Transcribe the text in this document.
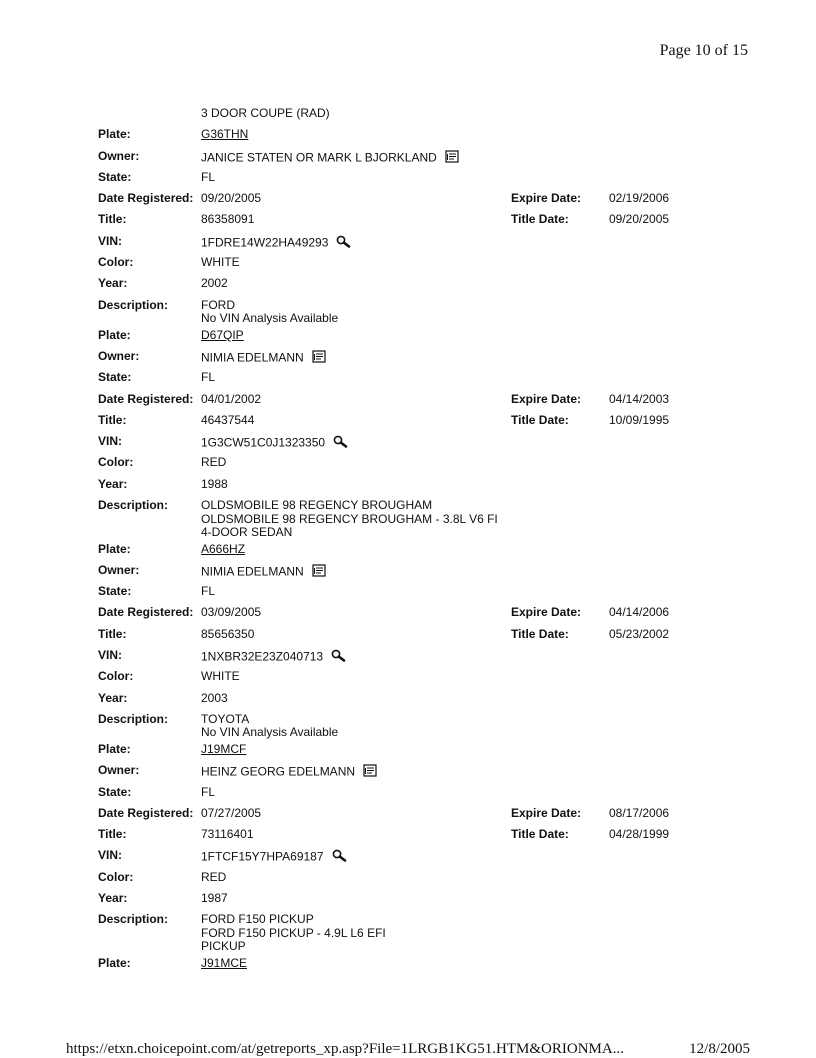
Page 10 of 15
3 DOOR COUPE (RAD)
Plate:	G36THN
Owner:	JANICE STATEN OR MARK L BJORKLAND
State:	FL
Date Registered: 09/20/2005	Expire Date:	02/19/2006
Title:	86358091	Title Date:	09/20/2005
VIN:	1FDRE14W22HA49293
Color:	WHITE
Year:	2002
Description:	FORD
No VIN Analysis Available
Plate:	D67QIP
Owner:	NIMIA EDELMANN
State:	FL
Date Registered: 04/01/2002	Expire Date:	04/14/2003
Title:	46437544	Title Date:	10/09/1995
VIN:	1G3CW51C0J1323350
Color:	RED
Year:	1988
Description:	OLDSMOBILE 98 REGENCY BROUGHAM
OLDSMOBILE 98 REGENCY BROUGHAM - 3.8L V6 FI
4-DOOR SEDAN
Plate:	A666HZ
Owner:	NIMIA EDELMANN
State:	FL
Date Registered: 03/09/2005	Expire Date:	04/14/2006
Title:	85656350	Title Date:	05/23/2002
VIN:	1NXBR32E23Z040713
Color:	WHITE
Year:	2003
Description:	TOYOTA
No VIN Analysis Available
Plate:	J19MCF
Owner:	HEINZ GEORG EDELMANN
State:	FL
Date Registered: 07/27/2005	Expire Date:	08/17/2006
Title:	73116401	Title Date:	04/28/1999
VIN:	1FTCF15Y7HPA69187
Color:	RED
Year:	1987
Description:	FORD F150 PICKUP
FORD F150 PICKUP - 4.9L L6 EFI
PICKUP
Plate:	J91MCE
https://etxn.choicepoint.com/at/getreports_xp.asp?File=1LRGB1KG51.HTM&ORIONMA...	12/8/2005
